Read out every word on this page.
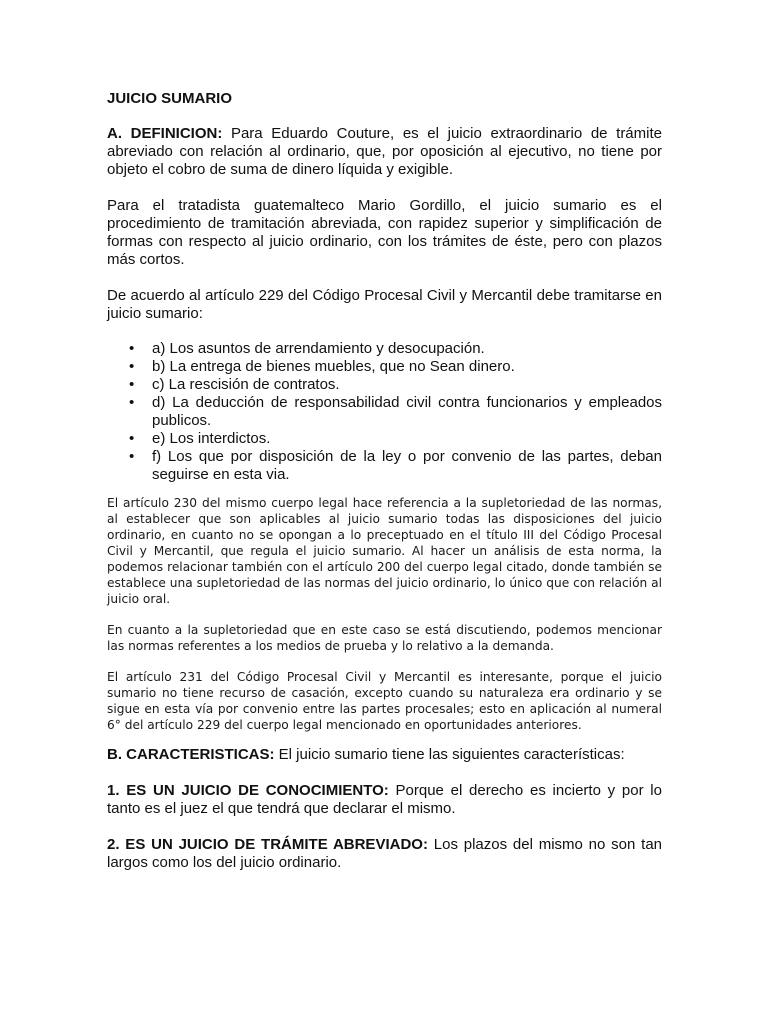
JUICIO SUMARIO

A. DEFINICION: Para Eduardo Couture, es el juicio extraordinario de trámite abreviado con relación al ordinario, que, por oposición al ejecutivo, no tiene por objeto el cobro de suma de dinero líquida y exigible.

Para el tratadista guatemalteco Mario Gordillo, el juicio sumario es el procedimiento de tramitación abreviada, con rapidez superior y simplificación de formas con respecto al juicio ordinario, con los trámites de éste, pero con plazos más cortos.

De acuerdo al artículo 229 del Código Procesal Civil y Mercantil debe tramitarse en juicio sumario:

• a) Los asuntos de arrendamiento y desocupación.
• b) La entrega de bienes muebles, que no Sean dinero.
• c) La rescisión de contratos.
• d) La deducción de responsabilidad civil contra funcionarios y empleados publicos.
• e) Los interdictos.
• f) Los que por disposición de la ley o por convenio de las partes, deban seguirse en esta via.

El artículo 230 del mismo cuerpo legal hace referencia a la supletoriedad de las normas, al establecer que son aplicables al juicio sumario todas las disposiciones del juicio ordinario, en cuanto no se opongan a lo preceptuado en el título III del Código Procesal Civil y Mercantil, que regula el juicio sumario. Al hacer un análisis de esta norma, la podemos relacionar también con el artículo 200 del cuerpo legal citado, donde también se establece una supletoriedad de las normas del juicio ordinario, lo único que con relación al juicio oral.

En cuanto a la supletoriedad que en este caso se está discutiendo, podemos mencionar las normas referentes a los medios de prueba y lo relativo a la demanda.

El artículo 231 del Código Procesal Civil y Mercantil es interesante, porque el juicio sumario no tiene recurso de casación, excepto cuando su naturaleza era ordinario y se sigue en esta vía por convenio entre las partes procesales; esto en aplicación al numeral 6° del artículo 229 del cuerpo legal mencionado en oportunidades anteriores.

B. CARACTERISTICAS: El juicio sumario tiene las siguientes características:

1. ES UN JUICIO DE CONOCIMIENTO: Porque el derecho es incierto y por lo tanto es el juez el que tendrá que declarar el mismo.

2. ES UN JUICIO DE TRÁMITE ABREVIADO: Los plazos del mismo no son tan largos como los del juicio ordinario.
